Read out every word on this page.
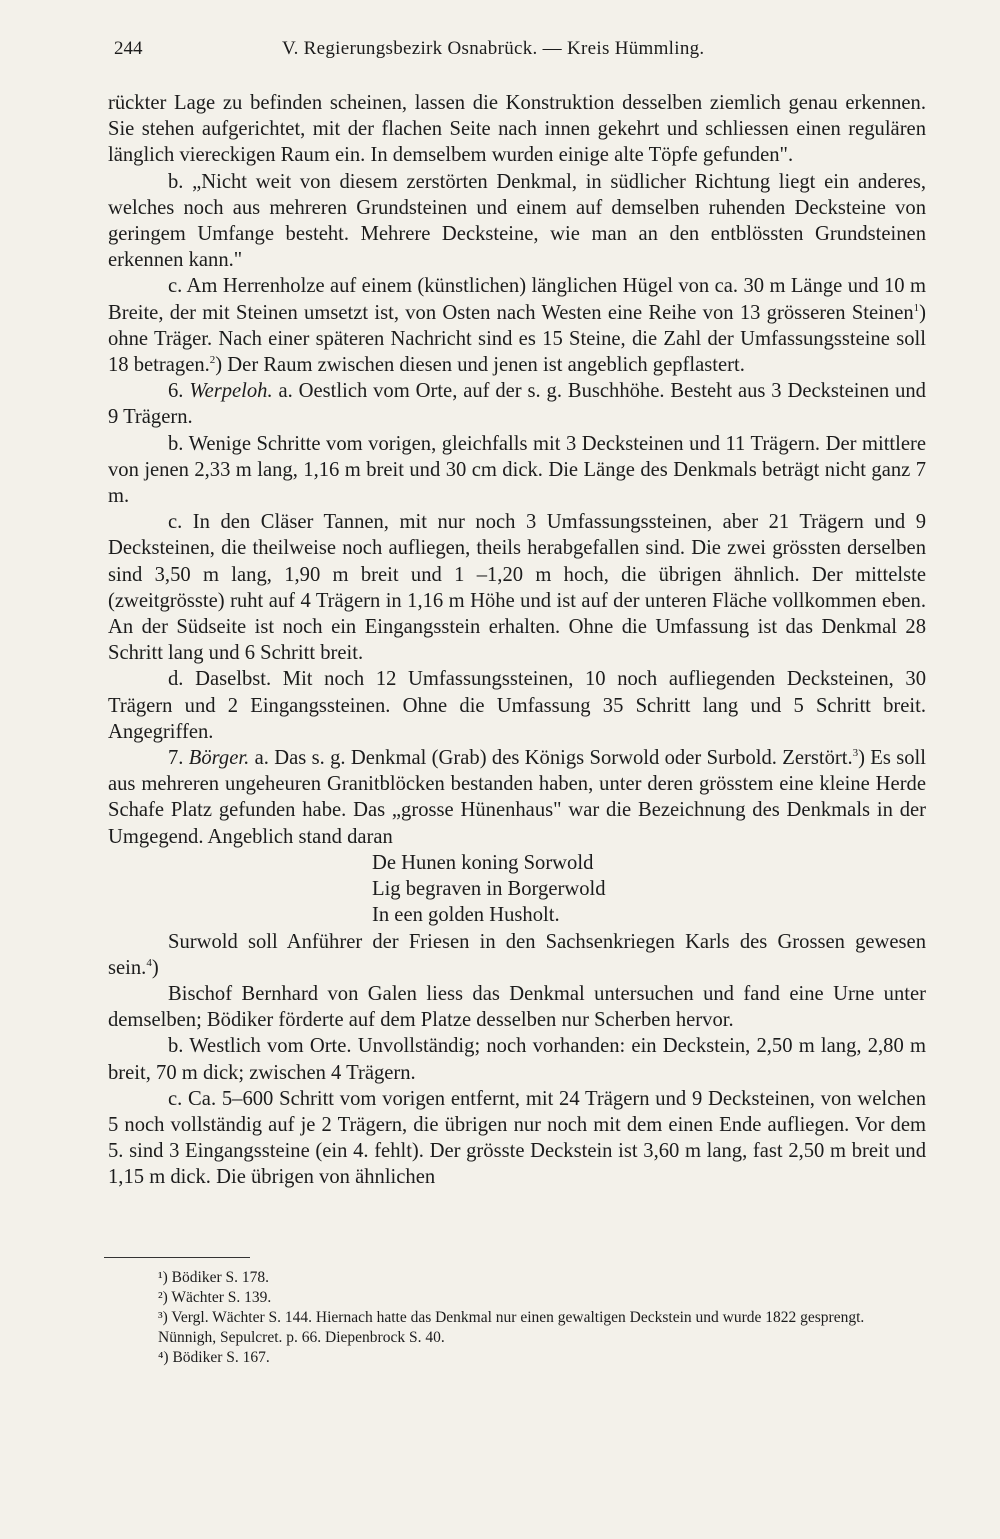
244	V. Regierungsbezirk Osnabrück. — Kreis Hümmling.

rückter Lage zu befinden scheinen, lassen die Konstruktion desselben ziemlich genau erkennen. Sie stehen aufgerichtet, mit der flachen Seite nach innen gekehrt und schliessen einen regulären länglich viereckigen Raum ein. In demselbem wurden einige alte Töpfe gefunden".

b. „Nicht weit von diesem zerstörten Denkmal, in südlicher Richtung liegt ein anderes, welches noch aus mehreren Grundsteinen und einem auf demselben ruhenden Decksteine von geringem Umfange besteht. Mehrere Decksteine, wie man an den entblössten Grundsteinen erkennen kann."

c. Am Herrenholze auf einem (künstlichen) länglichen Hügel von ca. 30 m Länge und 10 m Breite, der mit Steinen umsetzt ist, von Osten nach Westen eine Reihe von 13 grösseren Steinen$^1$) ohne Träger. Nach einer späteren Nachricht sind es 15 Steine, die Zahl der Umfassungssteine soll 18 betragen.$^2$) Der Raum zwischen diesen und jenen ist angeblich gepflastert.

6. Werpeloh. a. Oestlich vom Orte, auf der s. g. Buschhöhe. Besteht aus 3 Decksteinen und 9 Trägern.

b. Wenige Schritte vom vorigen, gleichfalls mit 3 Decksteinen und 11 Trägern. Der mittlere von jenen 2,33 m lang, 1,16 m breit und 30 cm dick. Die Länge des Denkmals beträgt nicht ganz 7 m.

c. In den Cläser Tannen, mit nur noch 3 Umfassungssteinen, aber 21 Trägern und 9 Decksteinen, die theilweise noch aufliegen, theils herabgefallen sind. Die zwei grössten derselben sind 3,50 m lang, 1,90 m breit und 1 –1,20 m hoch, die übrigen ähnlich. Der mittelste (zweitgrösste) ruht auf 4 Trägern in 1,16 m Höhe und ist auf der unteren Fläche vollkommen eben. An der Südseite ist noch ein Eingangsstein erhalten. Ohne die Umfassung ist das Denkmal 28 Schritt lang und 6 Schritt breit.

d. Daselbst. Mit noch 12 Umfassungssteinen, 10 noch aufliegenden Decksteinen, 30 Trägern und 2 Eingangssteinen. Ohne die Umfassung 35 Schritt lang und 5 Schritt breit. Angegriffen.

7. Börger. a. Das s. g. Denkmal (Grab) des Königs Sorwold oder Surbold. Zerstört.$^3$) Es soll aus mehreren ungeheuren Granitblöcken bestanden haben, unter deren grösstem eine kleine Herde Schafe Platz gefunden habe. Das „grosse Hünenhaus" war die Bezeichnung des Denkmals in der Umgegend. Angeblich stand daran

De Hunen koning Sorwold
Lig begraven in Borgerwold
In een golden Husholt.

Surwold soll Anführer der Friesen in den Sachsenkriegen Karls des Grossen gewesen sein.$^4$)

Bischof Bernhard von Galen liess das Denkmal untersuchen und fand eine Urne unter demselben; Bödiker förderte auf dem Platze desselben nur Scherben hervor.

b. Westlich vom Orte. Unvollständig; noch vorhanden: ein Deckstein, 2,50 m lang, 2,80 m breit, 70 m dick; zwischen 4 Trägern.

c. Ca. 5–600 Schritt vom vorigen entfernt, mit 24 Trägern und 9 Decksteinen, von welchen 5 noch vollständig auf je 2 Trägern, die übrigen nur noch mit dem einen Ende aufliegen. Vor dem 5. sind 3 Eingangssteine (ein 4. fehlt). Der grösste Deckstein ist 3,60 m lang, fast 2,50 m breit und 1,15 m dick. Die übrigen von ähnlichen

¹) Bödiker S. 178.

²) Wächter S. 139.

³) Vergl. Wächter S. 144. Hiernach hatte das Denkmal nur einen gewaltigen Deckstein und wurde 1822 gesprengt. Nünnigh, Sepulcret. p. 66. Diepenbrock S. 40.

⁴) Bödiker S. 167.
